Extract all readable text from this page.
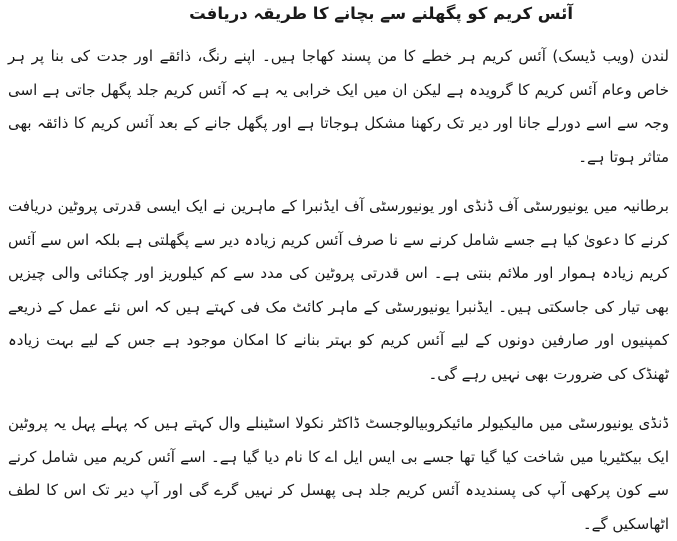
آئس کریم کو پگھلنے سے بچانے کا طریقہ دریافت

لندن (ویب ڈیسک) آئس کریم ہر خطے کا من پسند کھاجا ہیں۔ اپنے رنگ، ذائقے اور جدت کی بنا پر ہر خاص وعام آئس کریم کا گرویدہ ہے لیکن ان میں ایک خرابی یہ ہے کہ آئس کریم جلد پگھل جاتی ہے اسی وجہ سے اسے دورلے جانا اور دیر تک رکھنا مشکل ہوجاتا ہے اور پگھل جانے کے بعد آئس کریم کا ذائقہ بھی متاثر ہوتا ہے۔

برطانیہ میں یونیورسٹی آف ڈنڈی اور یونیورسٹی آف ایڈنبرا کے ماہرین نے ایک ایسی قدرتی پروٹین دریافت کرنے کا دعویٰ کیا ہے جسے شامل کرنے سے نا صرف آئس کریم زیادہ دیر سے پگھلتی ہے بلکہ اس سے آئس کریم زیادہ ہموار اور ملائم بنتی ہے۔ اس قدرتی پروٹین کی مدد سے کم کیلوریز اور چکنائی والی چیزیں بھی تیار کی جاسکتی ہیں۔ ایڈنبرا یونیورسٹی کے ماہر کائٹ مک فی کہتے ہیں کہ اس نئے عمل کے ذریعے کمپنیوں اور صارفین دونوں کے لیے آئس کریم کو بہتر بنانے کا امکان موجود ہے جس کے لیے بہت زیادہ ٹھنڈک کی ضرورت بھی نہیں رہے گی۔

ڈنڈی یونیورسٹی میں مالیکیولر مائیکروبیالوجسٹ ڈاکٹر نکولا اسٹینلے وال کہتے ہیں کہ پہلے پہل یہ پروٹین ایک بیکٹیریا میں شاخت کیا گیا تھا جسے بی ایس ایل اے کا نام دیا گیا ہے۔ اسے آئس کریم میں شامل کرنے سے کون پرکھی آپ کی پسندیدہ آئس کریم جلد ہی پھسل کر نہیں گرے گی اور آپ دیر تک اس کا لطف اٹھاسکیں گے۔
